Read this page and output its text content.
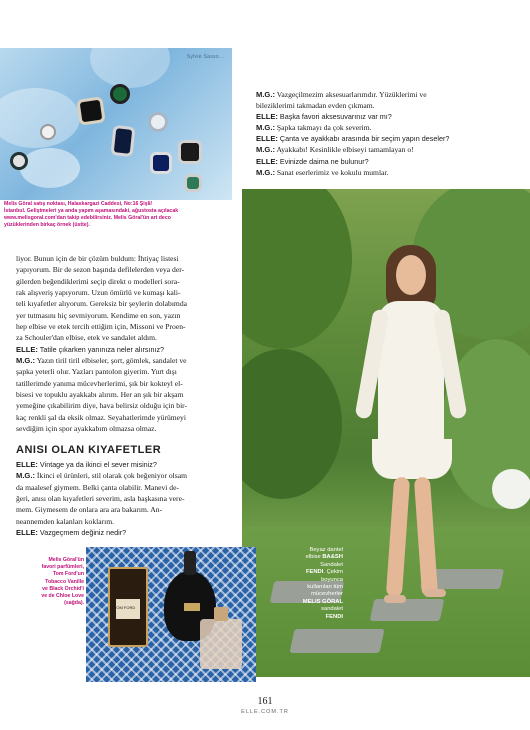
Sylvie Sasso...
Melis Göral satış noktası, Halaskargazi Caddesi, No:16 Şişli/
İstanbul. Geliştmeleri ya anda yapım aşamasındaki, ağustosta açılacak
www.melisgoral.com'dan takip edebilirsiniz. Melis Göral'ün art deco
yüzüklerinden birkaç örnek (üstte).
M.G.: Vazgeçilmezim aksesuarlarımdır. Yüzüklerimi ve
bileziklerimi takmadan evden çıkmam.
ELLE: Başka favori aksesuvarınız var mı?
M.G.: Şapka takmayı da çok severim.
ELLE: Çanta ve ayakkabı arasında bir seçim yapın deseler?
M.G.: Ayakkabı! Kesinlikle elbiseyi tamamlayan o!
ELLE: Evinizde daima ne bulunur?
M.G.: Sanat eserlerimiz ve kokulu mumlar.
liyor. Bunun için de bir çözüm buldum: İhtiyaç listesi
yapıyorum. Bir de sezon başında defilelerden veya der-
gilerden beğendiklerimi seçip direkt o modelleri sora-
rak alışveriş yapıyorum. Uzun ömürlü ve kumaşı kali-
teli kıyafetler alıyorum. Gereksiz bir şeylerin dolabımda
yer tutmasını hiç sevmiyorum. Kendime en son, yazın
hep elbise ve etek tercih ettiğim için, Missoni ve Proen-
za Schouler'dan elbise, etek ve sandalet aldım.
ELLE: Tatile çıkarken yanınıza neler alırsınız?
M.G.: Yazın tiril tiril elbiseler, şort, gömlek, sandalet ve
şapka yeterli olur. Yazları pantolon giyerim. Yurt dışı
tatillerimde yanıma mücevherlerimi, şık bir kokteyl el-
bisesi ve topuklu ayakkabı alırım. Her an şık bir akşam
yemeğine çıkabilirim diye, hava belirsiz olduğu için bir-
kaç renkli şal da eksik olmaz. Seyahatlerimde yürümeyi
sevdiğim için spor ayakkabım olmazsa olmaz.
ANISI OLAN KIYAFETLER
ELLE: Vintage ya da ikinci el sever misiniz?
M.G.: İkinci el ürünleri, stil olarak çok beğeniyor olsam
da maalesef giymem. Belki çanta olabilir. Manevi de-
ğeri, anısı olan kıyafetleri severim, asla başkasına vere-
mem. Giymesem de onlara ara ara bakarım. An-
neannemden kalanları koklarım.
ELLE: Vazgeçmem değiniz nedir?
Beyaz dantel
elbise BA&SH
Sandalet
FENDI. Çekim
boyunca
kullanılan tüm
mücevherler
MELIS GÖRAL
sandalet
FENDI
TOM FORD
Melis Göral'ün
favori parfümleri,
Tom Ford'un
Tobacco Vanille
ve Black Orchid'i
ve de Chloe Love
(sağda).
161
ELLE.COM.TR
